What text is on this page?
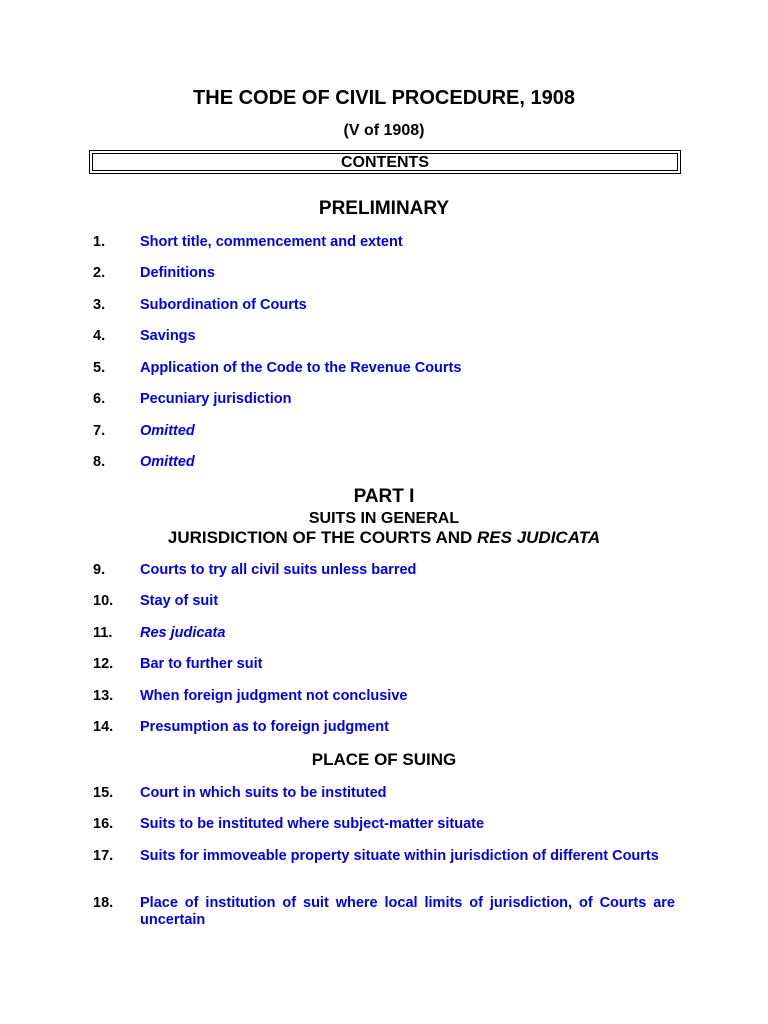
THE CODE OF CIVIL PROCEDURE, 1908
(V of 1908)
CONTENTS
PRELIMINARY
1. Short title, commencement and extent
2. Definitions
3. Subordination of Courts
4. Savings
5. Application of the Code to the Revenue Courts
6. Pecuniary jurisdiction
7. Omitted
8. Omitted
PART I
SUITS IN GENERAL
JURISDICTION OF THE COURTS AND RES JUDICATA
9. Courts to try all civil suits unless barred
10. Stay of suit
11. Res judicata
12. Bar to further suit
13. When foreign judgment not conclusive
14. Presumption as to foreign judgment
PLACE OF SUING
15. Court in which suits to be instituted
16. Suits to be instituted where subject-matter situate
17. Suits for immoveable property situate within jurisdiction of different Courts
18. Place of institution of suit where local limits of jurisdiction, of Courts are uncertain
